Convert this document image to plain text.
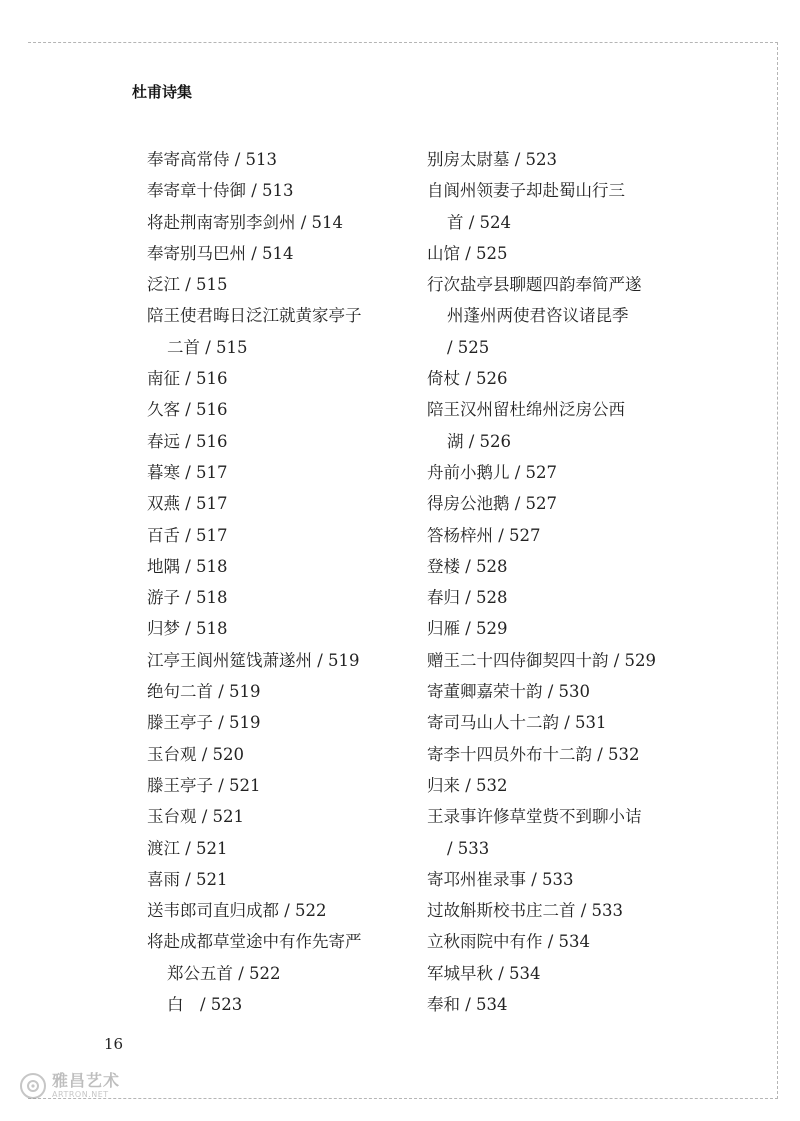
杜甫诗集
奉寄高常侍 / 513
奉寄章十侍御 / 513
将赴荆南寄别李剑州 / 514
奉寄别马巴州 / 514
泛江 / 515
陪王使君晦日泛江就黄家亭子
二首 / 515
南征 / 516
久客 / 516
春远 / 516
暮寒 / 517
双燕 / 517
百舌 / 517
地隅 / 518
游子 / 518
归梦 / 518
江亭王阆州筵饯萧遂州 / 519
绝句二首 / 519
滕王亭子 / 519
玉台观 / 520
滕王亭子 / 521
玉台观 / 521
渡江 / 521
喜雨 / 521
送韦郎司直归成都 / 522
将赴成都草堂途中有作先寄严
郑公五首 / 522
白　/ 523
别房太尉墓 / 523
自阆州领妻子却赴蜀山行三
首 / 524
山馆 / 525
行次盐亭县聊题四韵奉简严遂
州蓬州两使君咨议诸昆季
/ 525
倚杖 / 526
陪王汉州留杜绵州泛房公西
湖 / 526
舟前小鹅儿 / 527
得房公池鹅 / 527
答杨梓州 / 527
登楼 / 528
春归 / 528
归雁 / 529
赠王二十四侍御契四十韵 / 529
寄董卿嘉荣十韵 / 530
寄司马山人十二韵 / 531
寄李十四员外布十二韵 / 532
归来 / 532
王录事许修草堂赀不到聊小诘
/ 533
寄邛州崔录事 / 533
过故斛斯校书庄二首 / 533
立秋雨院中有作 / 534
军城早秋 / 534
奉和 / 534
16
雅昌艺术
ARTRON.NET
